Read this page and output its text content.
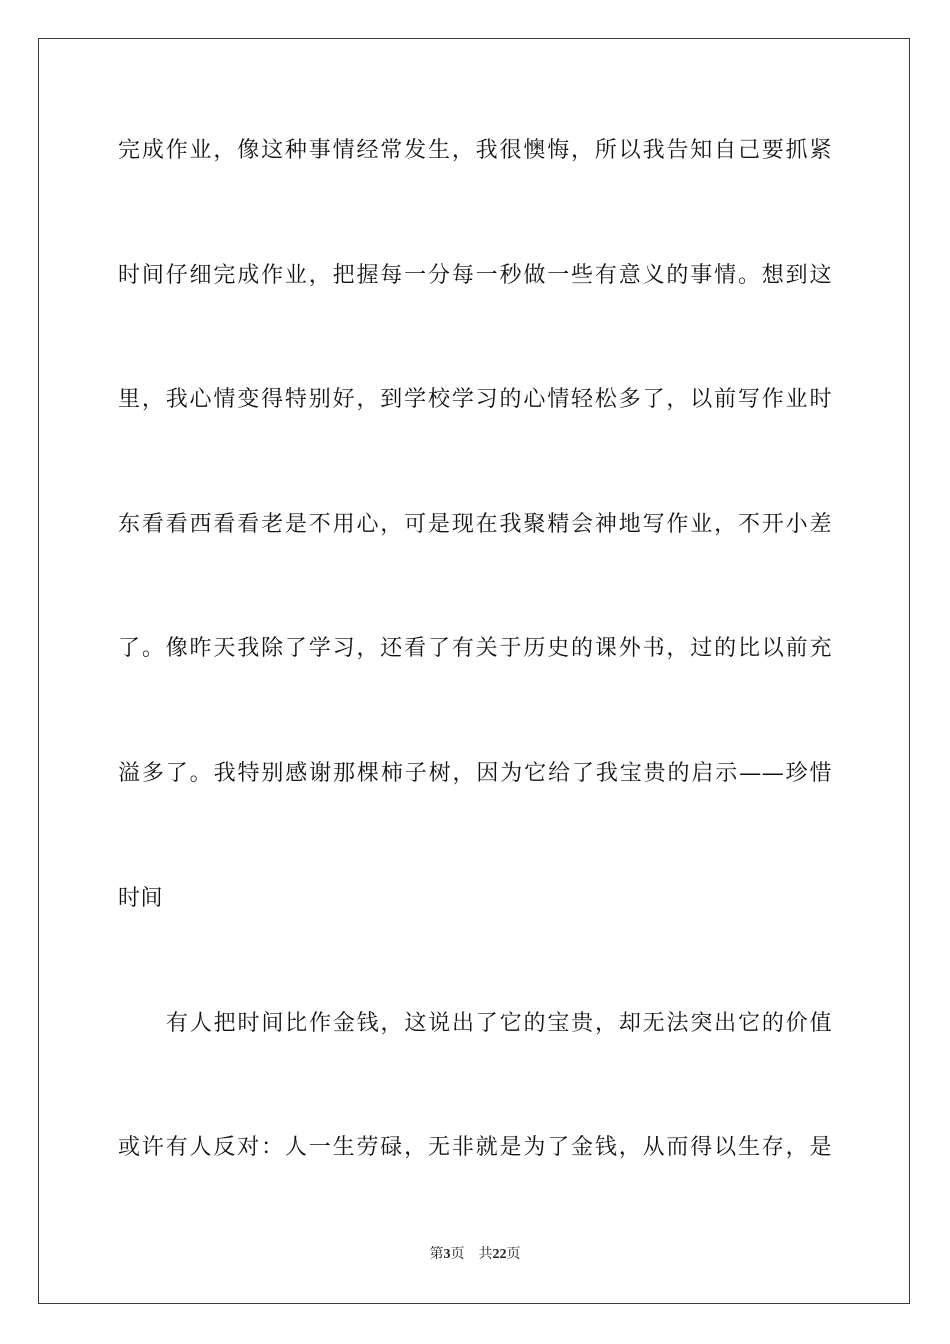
完成作业，像这种事情经常发生，我很懊悔，所以我告知自己要抓紧
时间仔细完成作业，把握每一分每一秒做一些有意义的事情。想到这
里，我心情变得特别好，到学校学习的心情轻松多了，以前写作业时
东看看西看看老是不用心，可是现在我聚精会神地写作业，不开小差
了。像昨天我除了学习，还看了有关于历史的课外书，过的比以前充
溢多了。我特别感谢那棵柿子树，因为它给了我宝贵的启示——珍惜
时间
有人把时间比作金钱，这说出了它的宝贵，却无法突出它的价值
或许有人反对：人一生劳碌，无非就是为了金钱，从而得以生存，是
第3页 共22页
